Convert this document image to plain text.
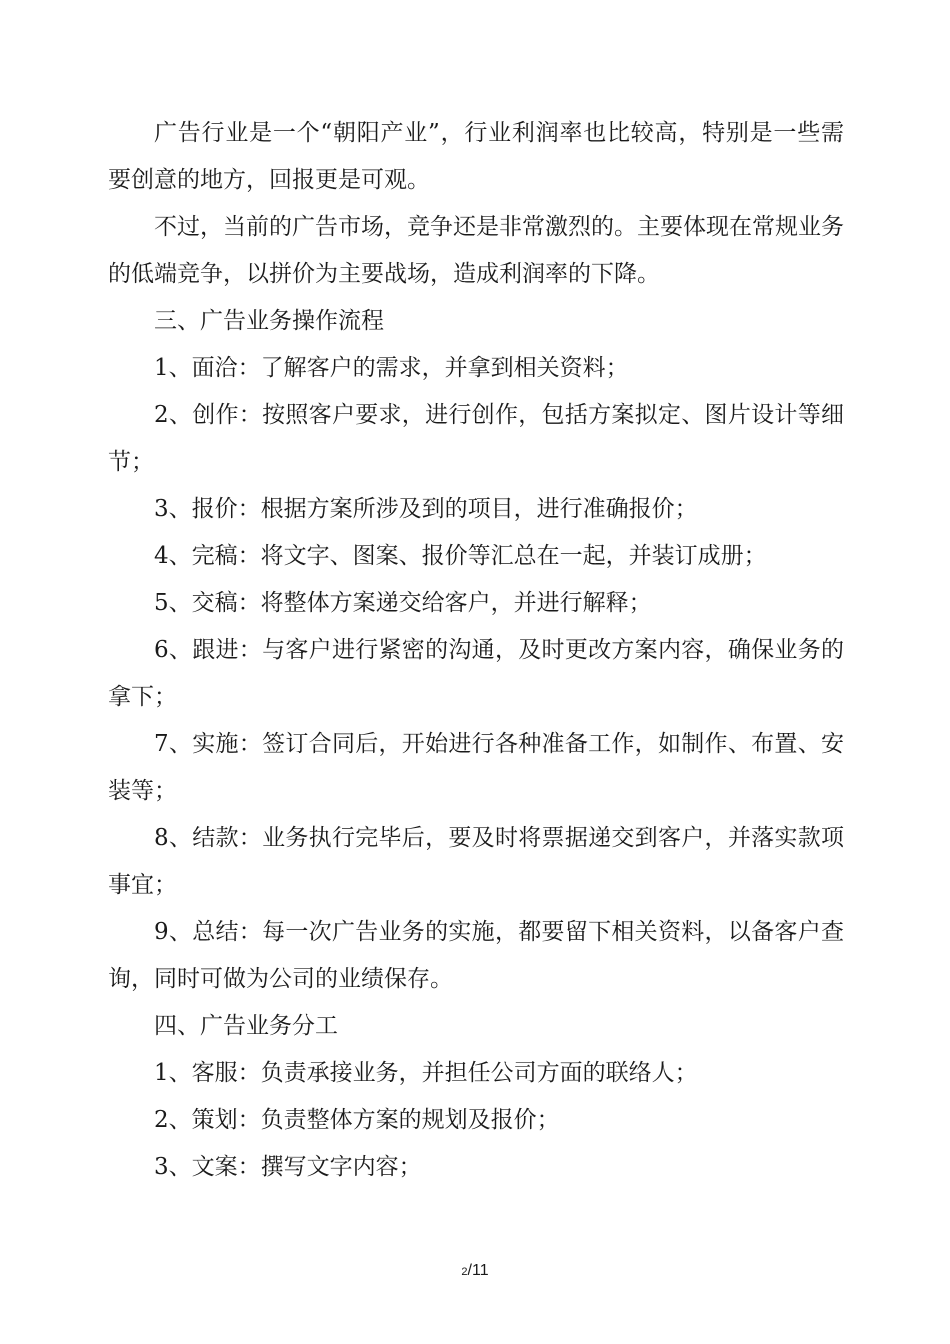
广告行业是一个“朝阳产业”，行业利润率也比较高，特别是一些需要创意的地方，回报更是可观。

不过，当前的广告市场，竞争还是非常激烈的。主要体现在常规业务的低端竞争，以拼价为主要战场，造成利润率的下降。

三、广告业务操作流程

1、面洽：了解客户的需求，并拿到相关资料；

2、创作：按照客户要求，进行创作，包括方案拟定、图片设计等细节；

3、报价：根据方案所涉及到的项目，进行准确报价；

4、完稿：将文字、图案、报价等汇总在一起，并装订成册；

5、交稿：将整体方案递交给客户，并进行解释；

6、跟进：与客户进行紧密的沟通，及时更改方案内容，确保业务的拿下；

7、实施：签订合同后，开始进行各种准备工作，如制作、布置、安装等；

8、结款：业务执行完毕后，要及时将票据递交到客户，并落实款项事宜；

9、总结：每一次广告业务的实施，都要留下相关资料，以备客户查询，同时可做为公司的业绩保存。

四、广告业务分工

1、客服：负责承接业务，并担任公司方面的联络人；

2、策划：负责整体方案的规划及报价；

3、文案：撰写文字内容；

2/11
